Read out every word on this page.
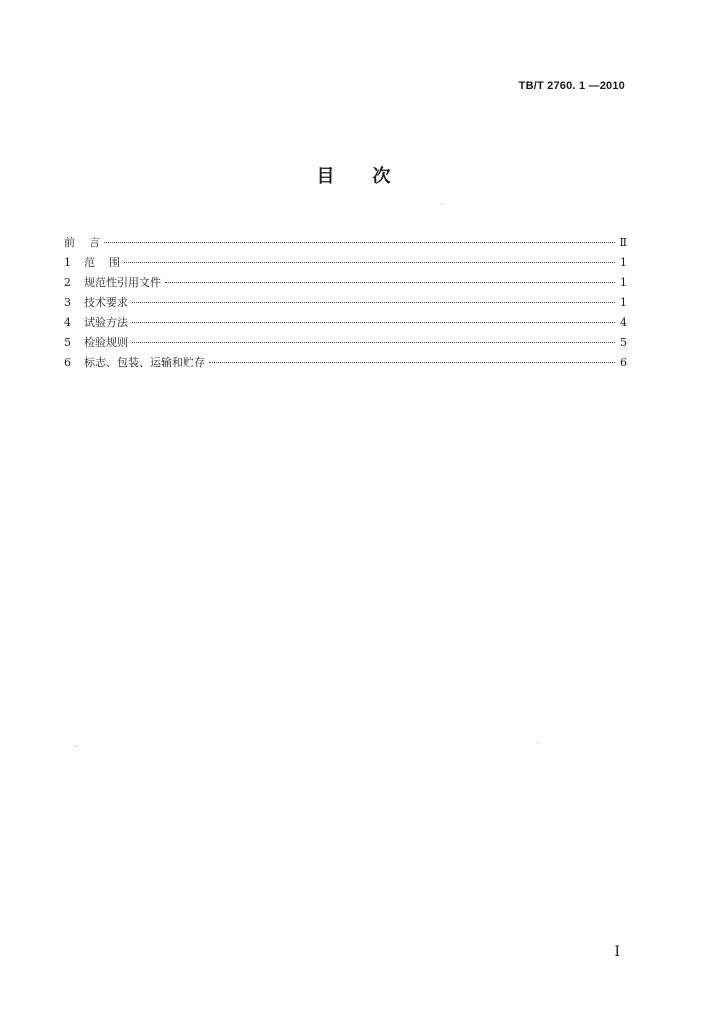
TB/T 2760. 1 —2010
目 次
前    言	Ⅱ
1	范    围	1
2	规范性引用文件	1
3	技术要求	1
4	试验方法	4
5	检验规则	5
6	标志、包装、运输和贮存	6
I
